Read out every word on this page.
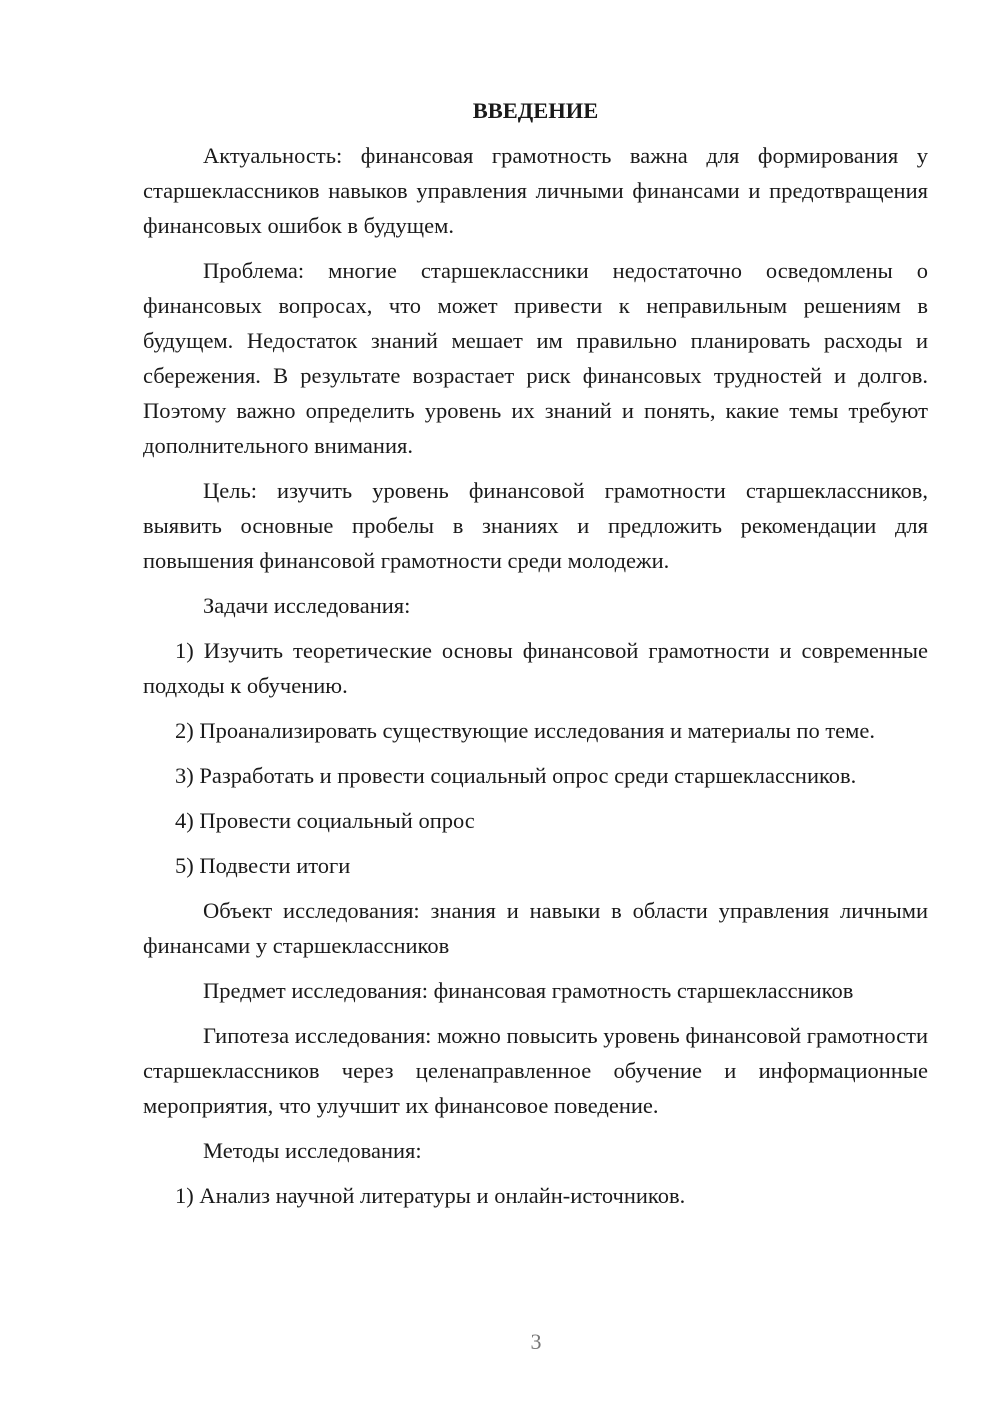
ВВЕДЕНИЕ

Актуальность: финансовая грамотность важна для формирования у старшеклассников навыков управления личными финансами и предотвращения финансовых ошибок в будущем.

Проблема: многие старшеклассники недостаточно осведомлены о финансовых вопросах, что может привести к неправильным решениям в будущем. Недостаток знаний мешает им правильно планировать расходы и сбережения. В результате возрастает риск финансовых трудностей и долгов. Поэтому важно определить уровень их знаний и понять, какие темы требуют дополнительного внимания.

Цель: изучить уровень финансовой грамотности старшеклассников, выявить основные пробелы в знаниях и предложить рекомендации для повышения финансовой грамотности среди молодежи.

Задачи исследования:

1) Изучить теоретические основы финансовой грамотности и современные подходы к обучению.

2) Проанализировать существующие исследования и материалы по теме.

3) Разработать и провести социальный опрос среди старшеклассников.

4) Провести социальный опрос

5) Подвести итоги

Объект исследования: знания и навыки в области управления личными финансами у старшеклассников

Предмет исследования: финансовая грамотность старшеклассников

Гипотеза исследования: можно повысить уровень финансовой грамотности старшеклассников через целенаправленное обучение и информационные мероприятия, что улучшит их финансовое поведение.

Методы исследования:

1) Анализ научной литературы и онлайн-источников.

3
